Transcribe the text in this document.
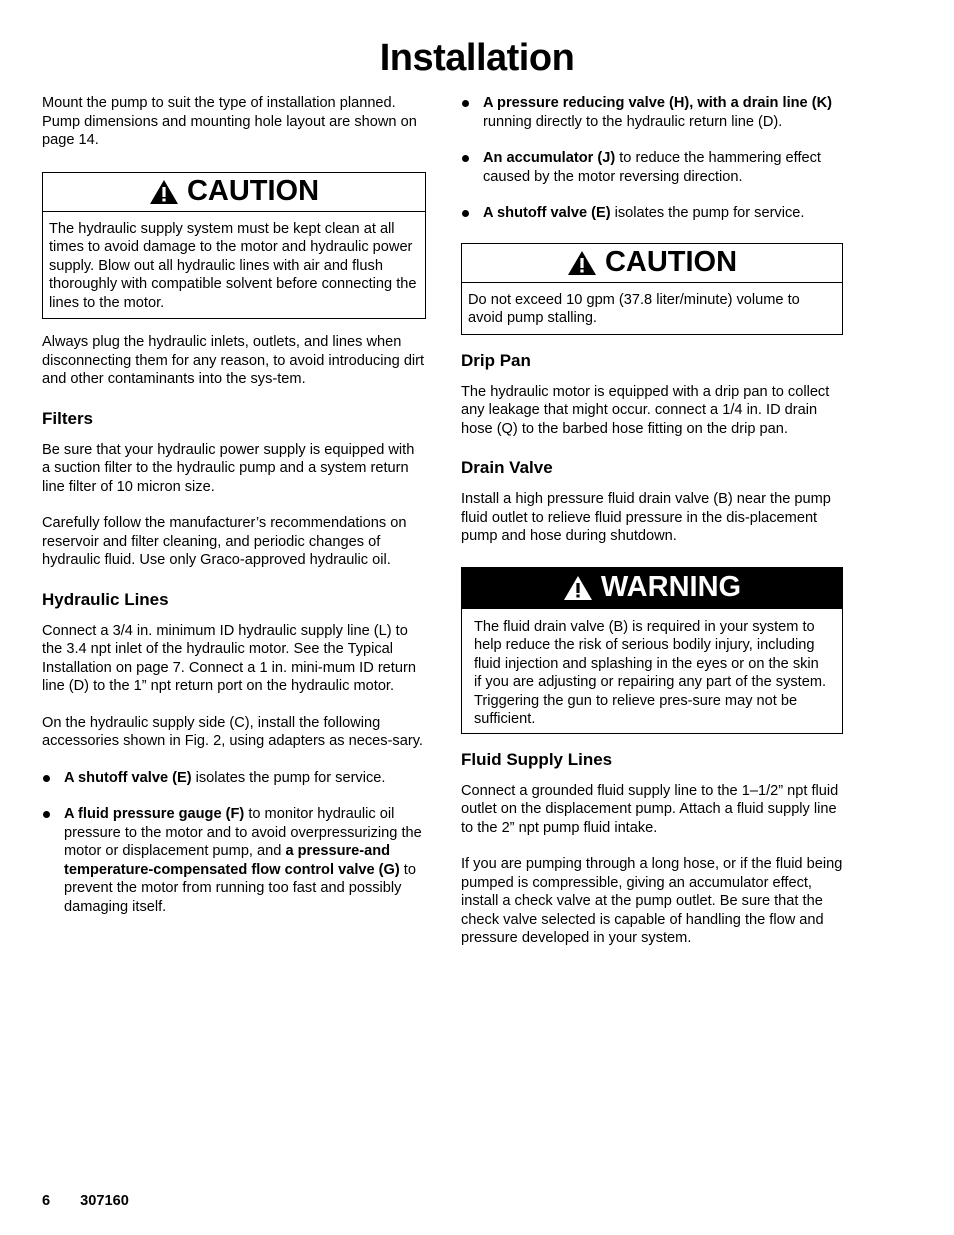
Installation

Mount the pump to suit the type of installation planned. Pump dimensions and mounting hole layout are shown on page 14.

CAUTION
The hydraulic supply system must be kept clean at all times to avoid damage to the motor and hydraulic power supply. Blow out all hydraulic lines with air and flush thoroughly with compatible solvent before connecting the lines to the motor.

Always plug the hydraulic inlets, outlets, and lines when disconnecting them for any reason, to avoid introducing dirt and other contaminants into the sys-tem.

Filters

Be sure that your hydraulic power supply is equipped with a suction filter to the hydraulic pump and a system return line filter of 10 micron size.

Carefully follow the manufacturer’s recommendations on reservoir and filter cleaning, and periodic changes of hydraulic fluid. Use only Graco-approved hydraulic oil.

Hydraulic Lines

Connect a 3/4 in. minimum ID hydraulic supply line (L) to the 3.4 npt inlet of the hydraulic motor. See the Typical Installation on page 7. Connect a 1 in. mini-mum ID return line (D) to the 1” npt return port on the hydraulic motor.

On the hydraulic supply side (C), install the following accessories shown in Fig. 2, using adapters as neces-sary.

A shutoff valve (E) isolates the pump for service.
A fluid pressure gauge (F) to monitor hydraulic oil pressure to the motor and to avoid overpressurizing the motor or displacement pump, and a pressure-and temperature-compensated flow control valve (G) to prevent the motor from running too fast and possibly damaging itself.
A pressure reducing valve (H), with a drain line (K) running directly to the hydraulic return line (D).
An accumulator (J) to reduce the hammering effect caused by the motor reversing direction.
A shutoff valve (E) isolates the pump for service.
CAUTION
Do not exceed 10 gpm (37.8 liter/minute) volume to avoid pump stalling.
Drip Pan

The hydraulic motor is equipped with a drip pan to collect any leakage that might occur. connect a 1/4 in. ID drain hose (Q) to the barbed hose fitting on the drip pan.

Drain Valve

Install a high pressure fluid drain valve (B) near the pump fluid outlet to relieve fluid pressure in the dis-placement pump and hose during shutdown.

WARNING
The fluid drain valve (B) is required in your system to help reduce the risk of serious bodily injury, including fluid injection and splashing in the eyes or on the skin if you are adjusting or repairing any part of the system. Triggering the gun to relieve pres-sure may not be sufficient.
Fluid Supply Lines

Connect a grounded fluid supply line to the 1–1/2” npt fluid outlet on the displacement pump. Attach a fluid supply line to the 2” npt pump fluid intake.

If you are pumping through a long hose, or if the fluid being pumped is compressible, giving an accumulator effect, install a check valve at the pump outlet. Be sure that the check valve selected is capable of handling the flow and pressure developed in your system.

6 307160
